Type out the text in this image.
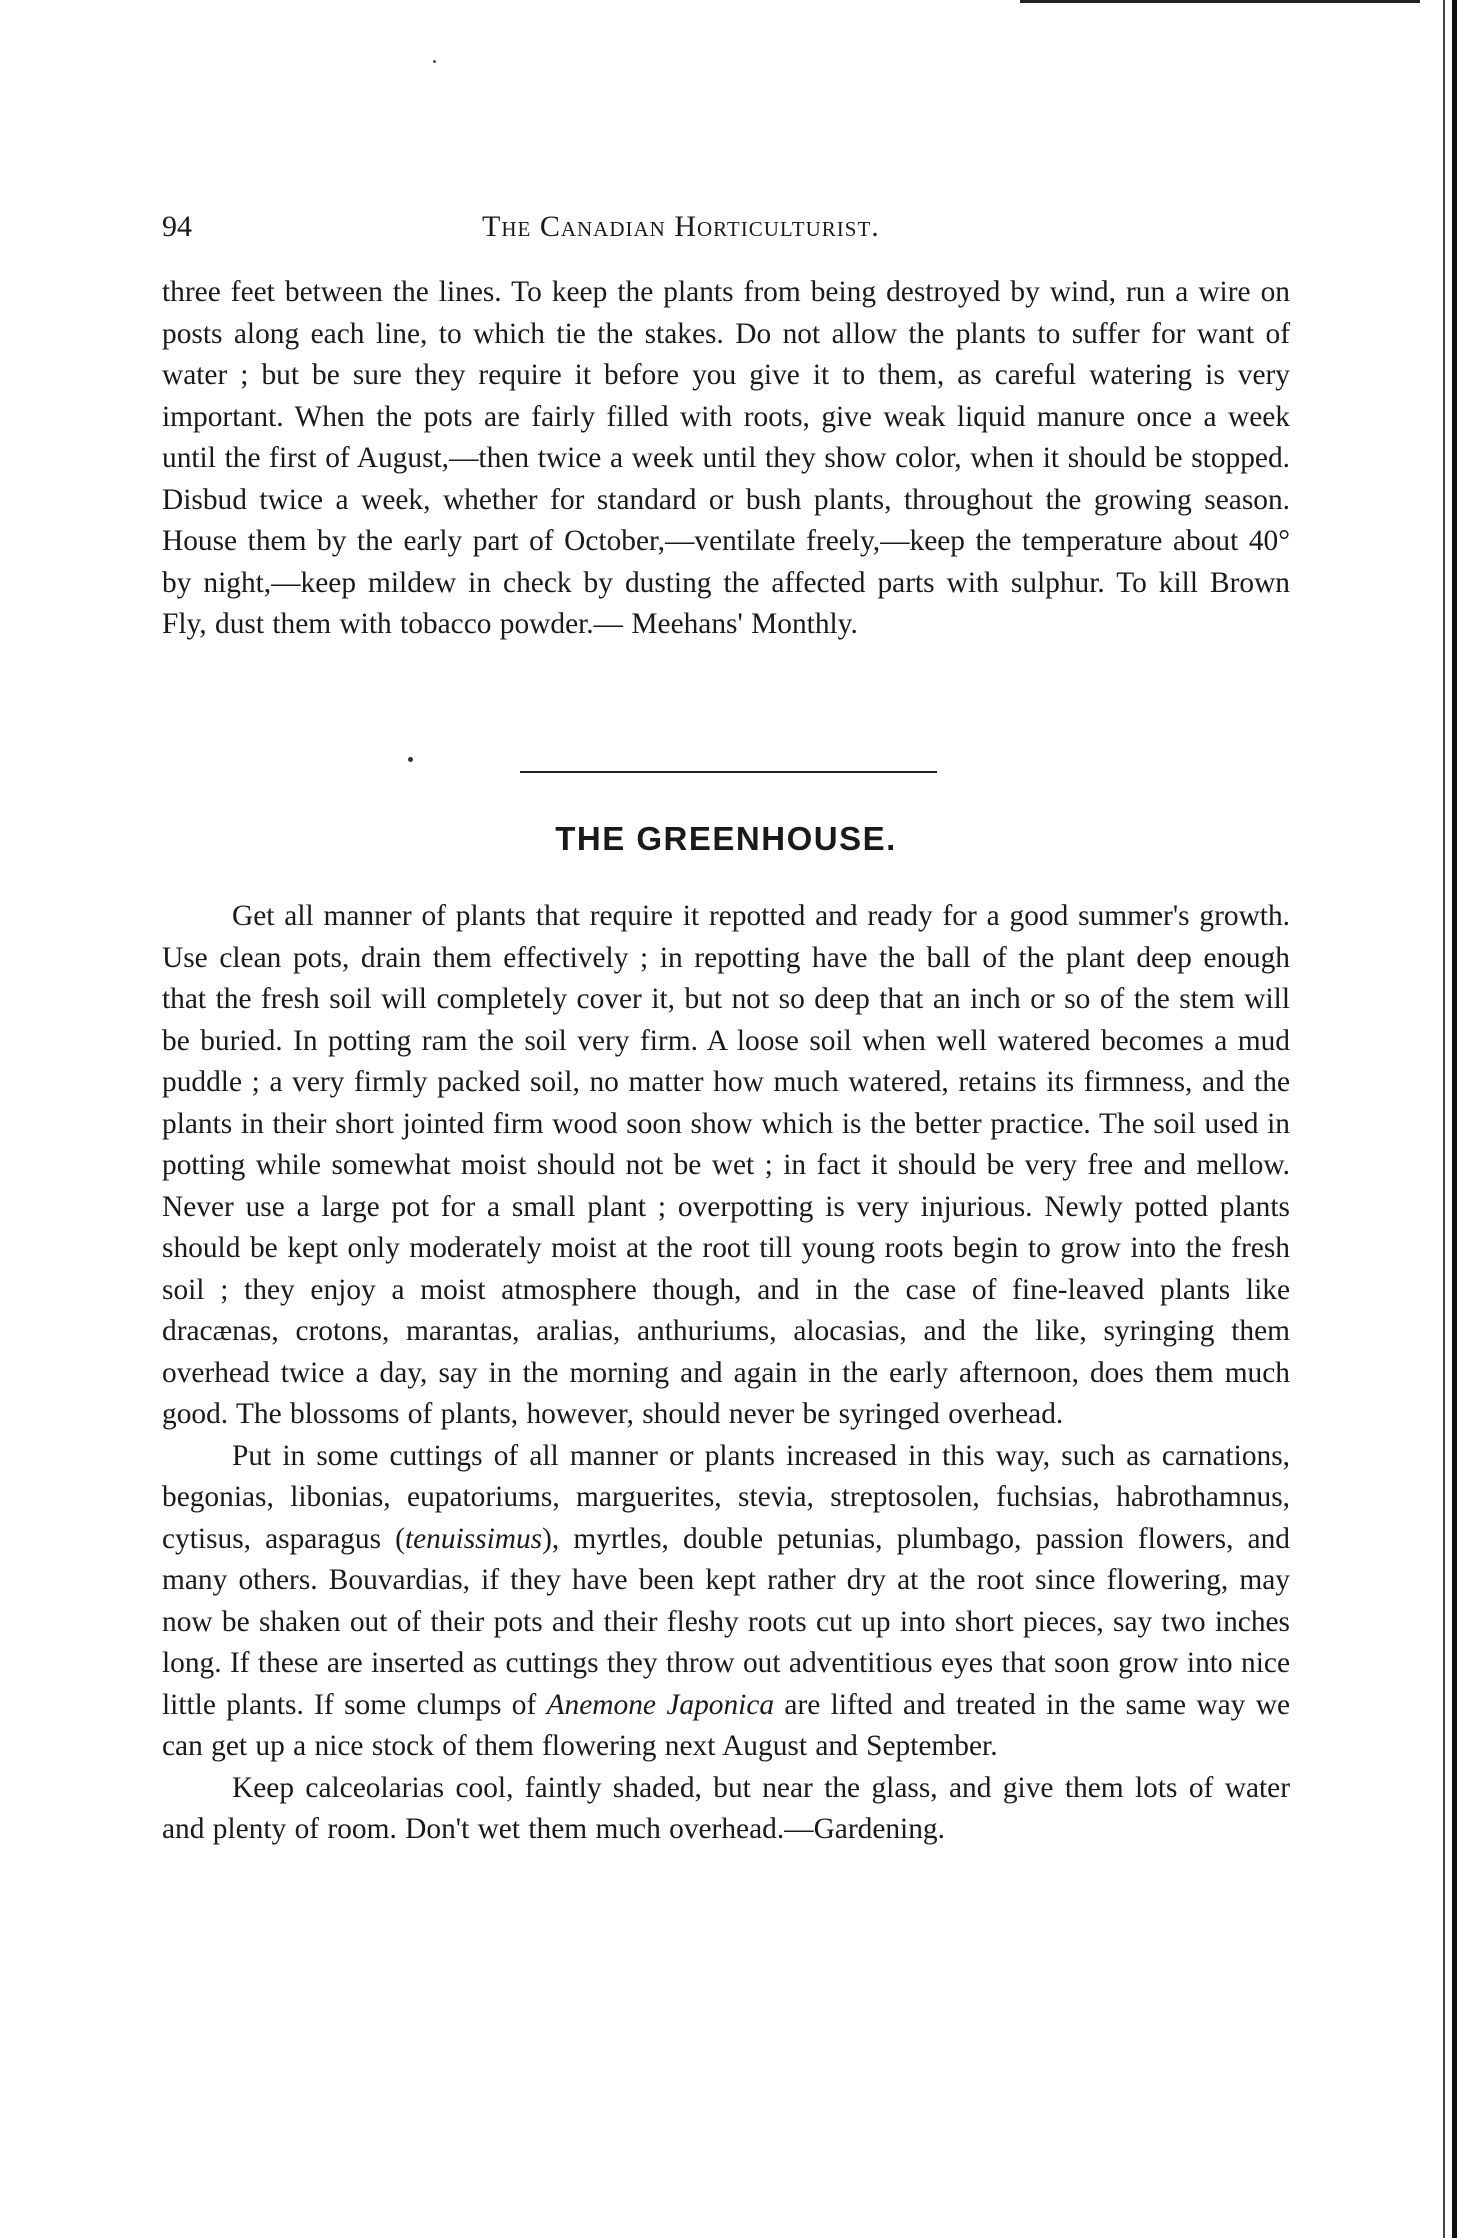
94	The Canadian Horticulturist.

three feet between the lines. To keep the plants from being destroyed by wind, run a wire on posts along each line, to which tie the stakes. Do not allow the plants to suffer for want of water ; but be sure they require it before you give it to them, as careful watering is very important. When the pots are fairly filled with roots, give weak liquid manure once a week until the first of August,—then twice a week until they show color, when it should be stopped. Disbud twice a week, whether for standard or bush plants, throughout the growing season. House them by the early part of October,—ventilate freely,—keep the temperature about 40° by night,—keep mildew in check by dusting the affected parts with sulphur. To kill Brown Fly, dust them with tobacco powder.— Meehans' Monthly.

THE GREENHOUSE.

Get all manner of plants that require it repotted and ready for a good summer's growth. Use clean pots, drain them effectively ; in repotting have the ball of the plant deep enough that the fresh soil will completely cover it, but not so deep that an inch or so of the stem will be buried. In potting ram the soil very firm. A loose soil when well watered becomes a mud puddle ; a very firmly packed soil, no matter how much watered, retains its firmness, and the plants in their short jointed firm wood soon show which is the better practice. The soil used in potting while somewhat moist should not be wet ; in fact it should be very free and mellow. Never use a large pot for a small plant ; overpotting is very injurious. Newly potted plants should be kept only moderately moist at the root till young roots begin to grow into the fresh soil ; they enjoy a moist atmosphere though, and in the case of fine-leaved plants like dracænas, crotons, marantas, aralias, anthuriums, alocasias, and the like, syringing them overhead twice a day, say in the morning and again in the early afternoon, does them much good. The blossoms of plants, however, should never be syringed overhead.

Put in some cuttings of all manner or plants increased in this way, such as carnations, begonias, libonias, eupatoriums, marguerites, stevia, streptosolen, fuchsias, habrothamnus, cytisus, asparagus (tenuissimus), myrtles, double petunias, plumbago, passion flowers, and many others. Bouvardias, if they have been kept rather dry at the root since flowering, may now be shaken out of their pots and their fleshy roots cut up into short pieces, say two inches long. If these are inserted as cuttings they throw out adventitious eyes that soon grow into nice little plants. If some clumps of Anemone Japonica are lifted and treated in the same way we can get up a nice stock of them flowering next August and September.

Keep calceolarias cool, faintly shaded, but near the glass, and give them lots of water and plenty of room. Don't wet them much overhead.—Gardening.
